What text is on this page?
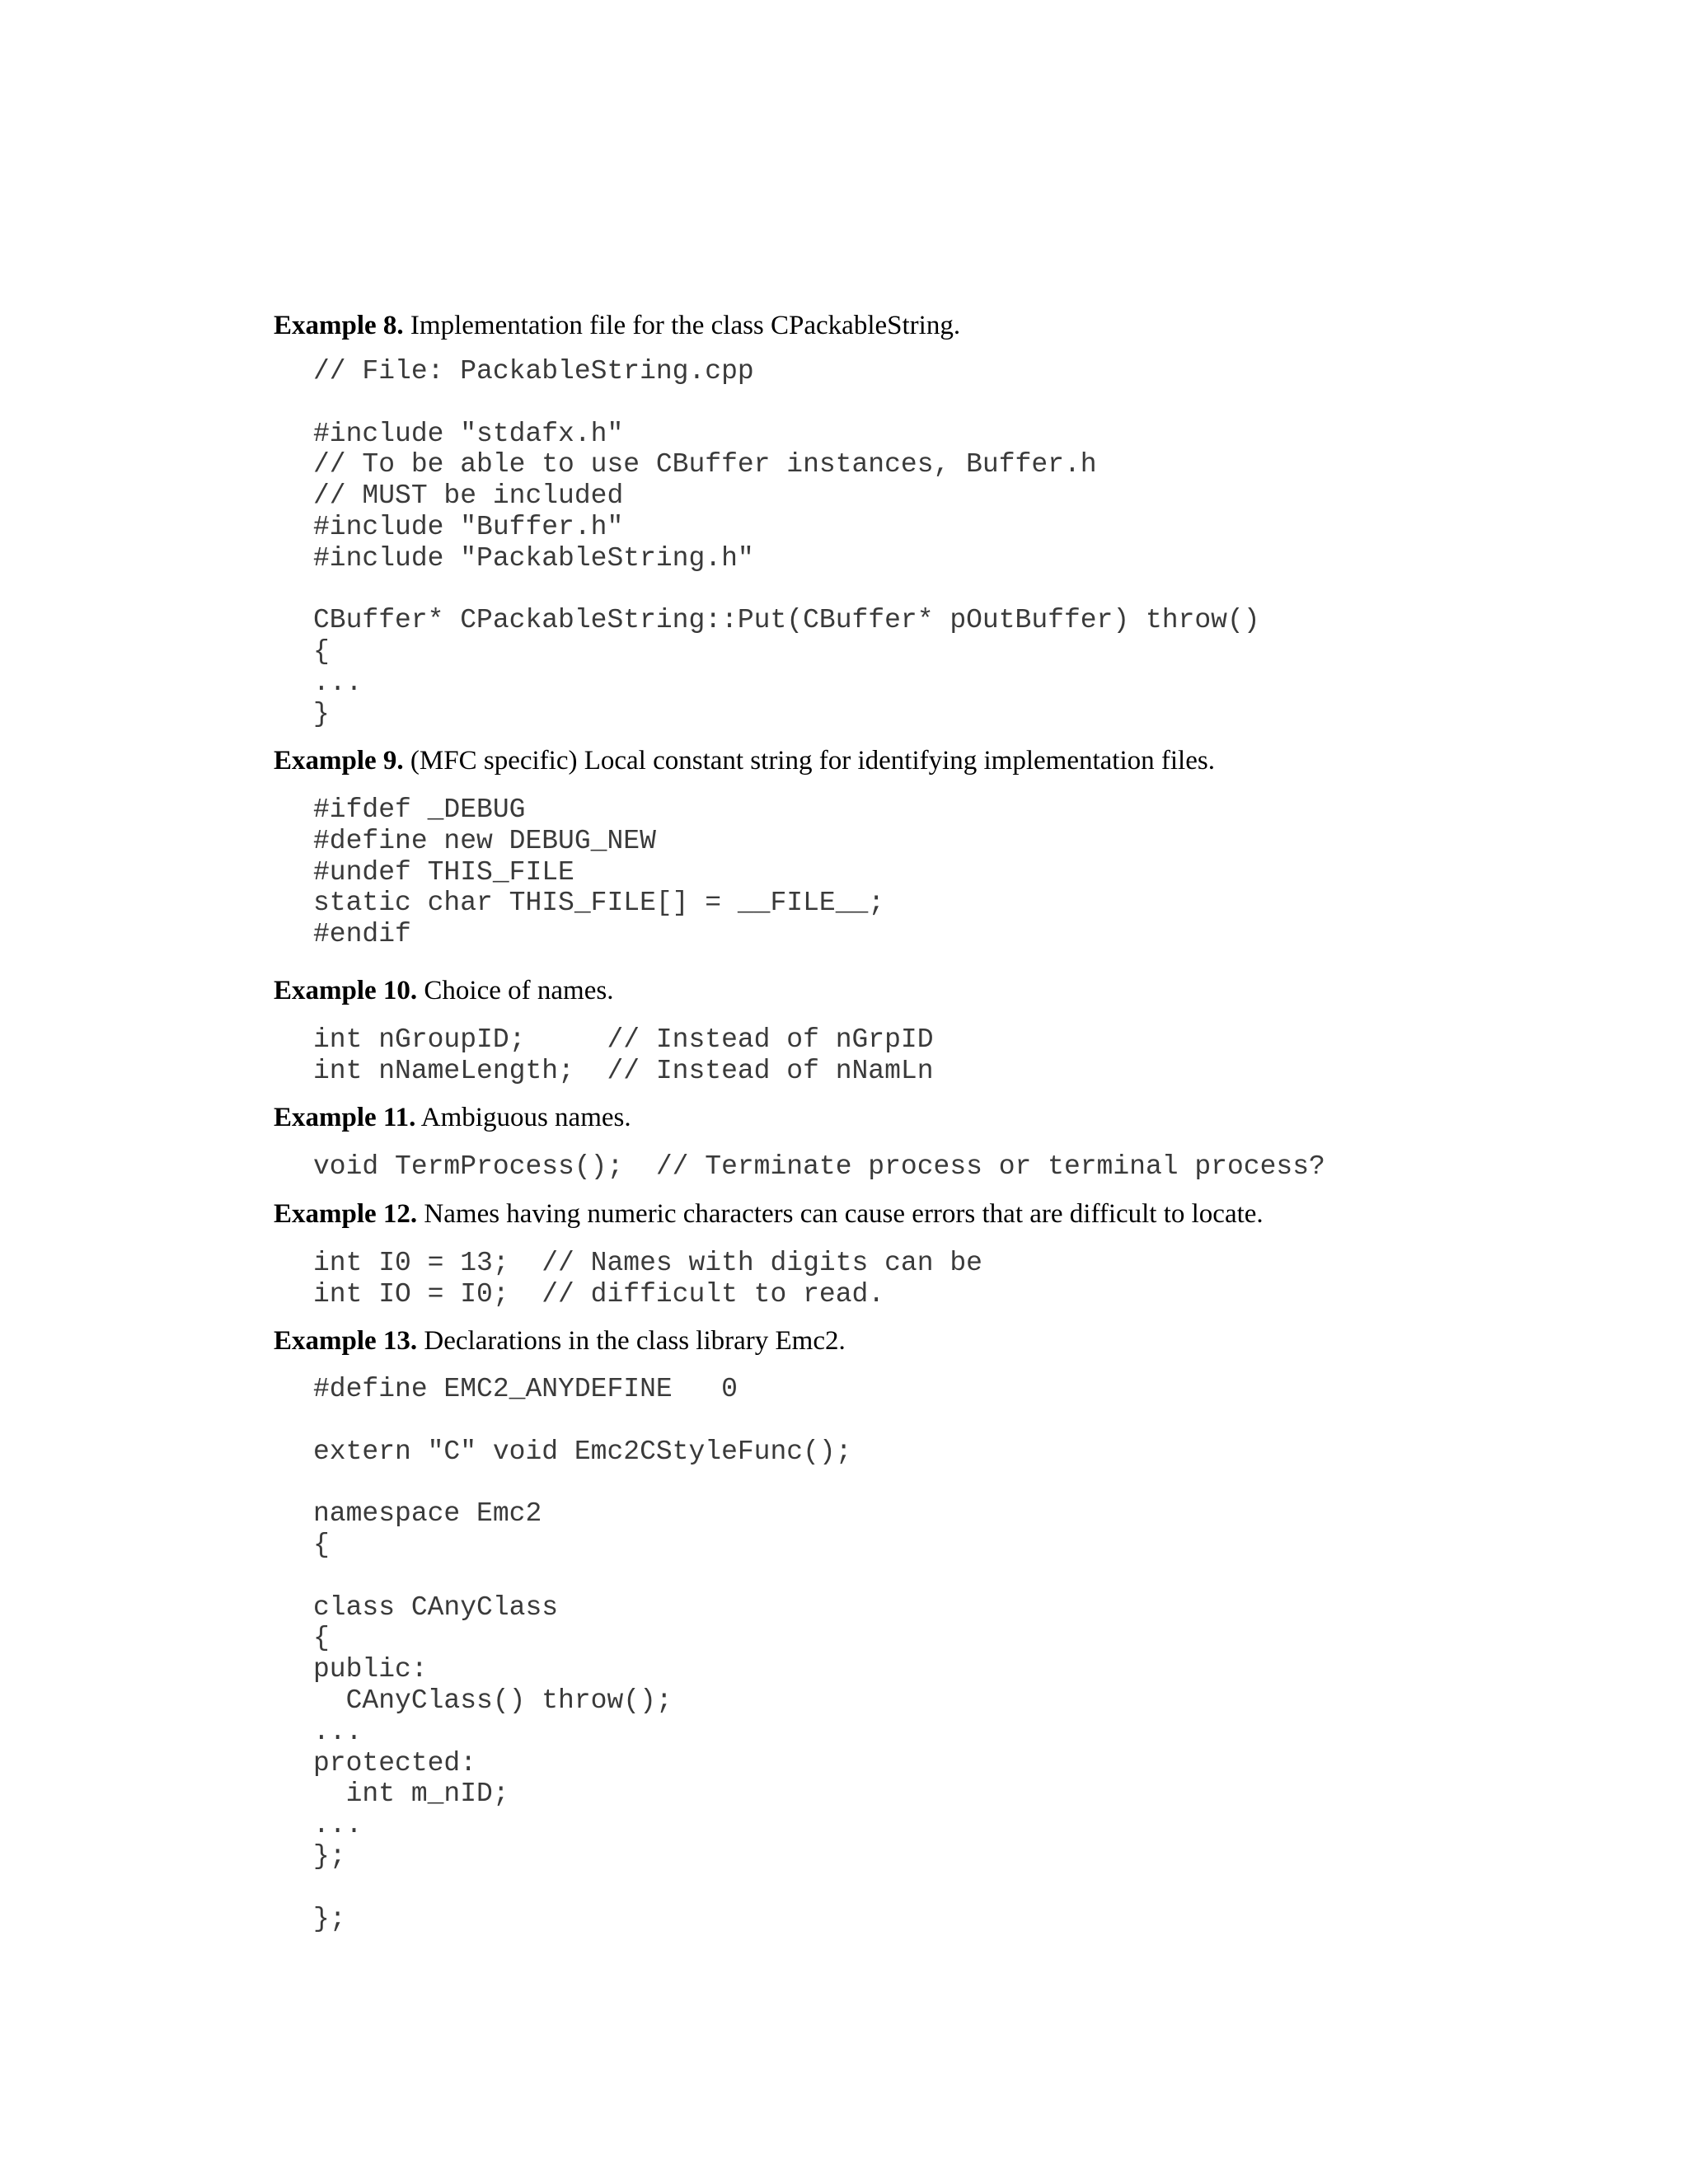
Example 8. Implementation file for the class CPackableString.
// File: PackableString.cpp

#include "stdafx.h"
// To be able to use CBuffer instances, Buffer.h
// MUST be included
#include "Buffer.h"
#include "PackableString.h"

CBuffer* CPackableString::Put(CBuffer* pOutBuffer) throw()
{
...
}
Example 9. (MFC specific) Local constant string for identifying implementation files.
#ifdef _DEBUG
#define new DEBUG_NEW
#undef THIS_FILE
static char THIS_FILE[] = __FILE__;
#endif
Example 10. Choice of names.
int nGroupID;     // Instead of nGrpID
int nNameLength;  // Instead of nNamLn
Example 11. Ambiguous names.
void TermProcess();  // Terminate process or terminal process?
Example 12. Names having numeric characters can cause errors that are difficult to locate.
int I0 = 13;  // Names with digits can be
int IO = I0;  // difficult to read.
Example 13. Declarations in the class library Emc2.
#define EMC2_ANYDEFINE   0

extern "C" void Emc2CStyleFunc();

namespace Emc2
{

class CAnyClass
{
public:
CAnyClass() throw();
...
protected:
int m_nID;
...
};

};
